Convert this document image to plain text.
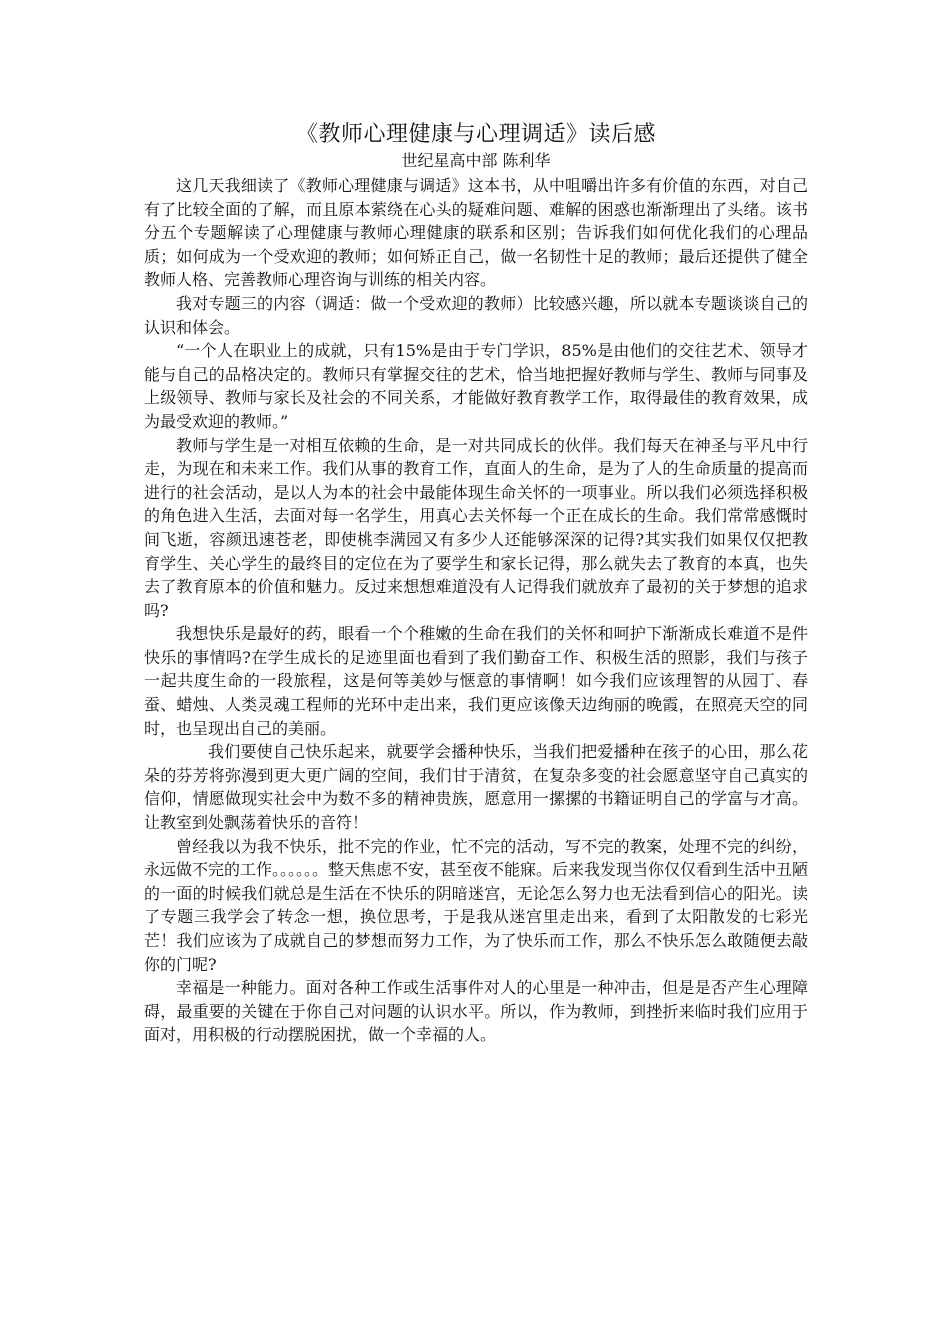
《教师心理健康与心理调适》读后感
世纪星高中部 陈利华

这几天我细读了《教师心理健康与调适》这本书，从中咀嚼出许多有价值的东西，对自己有了比较全面的了解，而且原本萦绕在心头的疑难问题、难解的困惑也渐渐理出了头绪。该书分五个专题解读了心理健康与教师心理健康的联系和区别；告诉我们如何优化我们的心理品质；如何成为一个受欢迎的教师；如何矫正自己，做一名韧性十足的教师；最后还提供了健全教师人格、完善教师心理咨询与训练的相关内容。

我对专题三的内容（调适：做一个受欢迎的教师）比较感兴趣，所以就本专题谈谈自己的认识和体会。

“一个人在职业上的成就，只有15%是由于专门学识，85%是由他们的交往艺术、领导才能与自己的品格决定的。教师只有掌握交往的艺术，恰当地把握好教师与学生、教师与同事及上级领导、教师与家长及社会的不同关系，才能做好教育教学工作，取得最佳的教育效果，成为最受欢迎的教师。”

教师与学生是一对相互依赖的生命，是一对共同成长的伙伴。我们每天在神圣与平凡中行走，为现在和未来工作。我们从事的教育工作，直面人的生命，是为了人的生命质量的提高而进行的社会活动，是以人为本的社会中最能体现生命关怀的一项事业。所以我们必须选择积极的角色进入生活，去面对每一名学生，用真心去关怀每一个正在成长的生命。我们常常感慨时间飞逝，容颜迅速苍老，即使桃李满园又有多少人还能够深深的记得?其实我们如果仅仅把教育学生、关心学生的最终目的定位在为了要学生和家长记得，那么就失去了教育的本真，也失去了教育原本的价值和魅力。反过来想想难道没有人记得我们就放弃了最初的关于梦想的追求吗?

我想快乐是最好的药，眼看一个个稚嫩的生命在我们的关怀和呵护下渐渐成长难道不是件快乐的事情吗?在学生成长的足迹里面也看到了我们勤奋工作、积极生活的照影，我们与孩子一起共度生命的一段旅程，这是何等美妙与惬意的事情啊！如今我们应该理智的从园丁、春蚕、蜡烛、人类灵魂工程师的光环中走出来，我们更应该像天边绚丽的晚霞，在照亮天空的同时，也呈现出自己的美丽。

我们要使自己快乐起来，就要学会播种快乐，当我们把爱播种在孩子的心田，那么花朵的芬芳将弥漫到更大更广阔的空间，我们甘于清贫，在复杂多变的社会愿意坚守自己真实的信仰，情愿做现实社会中为数不多的精神贵族，愿意用一摞摞的书籍证明自己的学富与才高。让教室到处飘荡着快乐的音符！

曾经我以为我不快乐，批不完的作业，忙不完的活动，写不完的教案，处理不完的纠纷，永远做不完的工作。。。。。。整天焦虑不安，甚至夜不能寐。后来我发现当你仅仅看到生活中丑陋的一面的时候我们就总是生活在不快乐的阴暗迷宫，无论怎么努力也无法看到信心的阳光。读了专题三我学会了转念一想，换位思考，于是我从迷宫里走出来，看到了太阳散发的七彩光芒！我们应该为了成就自己的梦想而努力工作，为了快乐而工作，那么不快乐怎么敢随便去敲你的门呢?

幸福是一种能力。面对各种工作或生活事件对人的心里是一种冲击，但是是否产生心理障碍，最重要的关键在于你自己对问题的认识水平。所以，作为教师，到挫折来临时我们应用于面对，用积极的行动摆脱困扰，做一个幸福的人。
